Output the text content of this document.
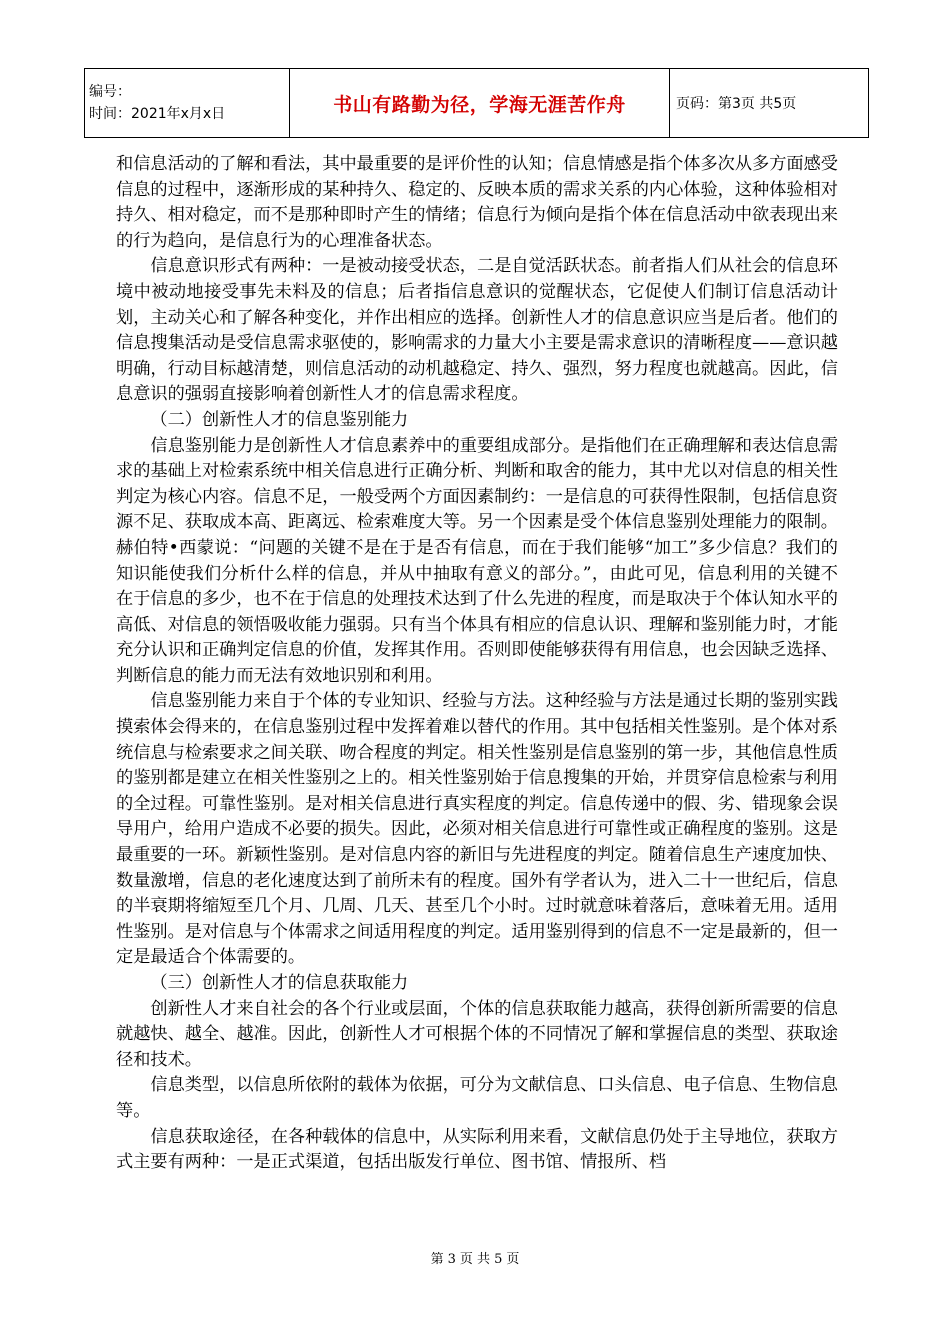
编号：
时间：2021年x月x日	书山有路勤为径，学海无涯苦作舟	页码：第3页 共5页

和信息活动的了解和看法，其中最重要的是评价性的认知；信息情感是指个体多次从多方面感受信息的过程中，逐渐形成的某种持久、稳定的、反映本质的需求关系的内心体验，这种体验相对持久、相对稳定，而不是那种即时产生的情绪；信息行为倾向是指个体在信息活动中欲表现出来的行为趋向，是信息行为的心理准备状态。

信息意识形式有两种：一是被动接受状态，二是自觉活跃状态。前者指人们从社会的信息环境中被动地接受事先未料及的信息；后者指信息意识的觉醒状态，它促使人们制订信息活动计划，主动关心和了解各种变化，并作出相应的选择。创新性人才的信息意识应当是后者。他们的信息搜集活动是受信息需求驱使的，影响需求的力量大小主要是需求意识的清晰程度——意识越明确，行动目标越清楚，则信息活动的动机越稳定、持久、强烈，努力程度也就越高。因此，信息意识的强弱直接影响着创新性人才的信息需求程度。

（二）创新性人才的信息鉴别能力

信息鉴别能力是创新性人才信息素养中的重要组成部分。是指他们在正确理解和表达信息需求的基础上对检索系统中相关信息进行正确分析、判断和取舍的能力，其中尤以对信息的相关性判定为核心内容。信息不足，一般受两个方面因素制约：一是信息的可获得性限制，包括信息资源不足、获取成本高、距离远、检索难度大等。另一个因素是受个体信息鉴别处理能力的限制。赫伯特•西蒙说：“问题的关键不是在于是否有信息，而在于我们能够“加工”多少信息？我们的知识能使我们分析什么样的信息，并从中抽取有意义的部分。”，由此可见，信息利用的关键不在于信息的多少，也不在于信息的处理技术达到了什么先进的程度，而是取决于个体认知水平的高低、对信息的领悟吸收能力强弱。只有当个体具有相应的信息认识、理解和鉴别能力时，才能充分认识和正确判定信息的价值，发挥其作用。否则即使能够获得有用信息，也会因缺乏选择、判断信息的能力而无法有效地识别和利用。

信息鉴别能力来自于个体的专业知识、经验与方法。这种经验与方法是通过长期的鉴别实践摸索体会得来的，在信息鉴别过程中发挥着难以替代的作用。其中包括相关性鉴别。是个体对系统信息与检索要求之间关联、吻合程度的判定。相关性鉴别是信息鉴别的第一步，其他信息性质的鉴别都是建立在相关性鉴别之上的。相关性鉴别始于信息搜集的开始，并贯穿信息检索与利用的全过程。可靠性鉴别。是对相关信息进行真实程度的判定。信息传递中的假、劣、错现象会误导用户，给用户造成不必要的损失。因此，必须对相关信息进行可靠性或正确程度的鉴别。这是最重要的一环。新颖性鉴别。是对信息内容的新旧与先进程度的判定。随着信息生产速度加快、数量激增，信息的老化速度达到了前所未有的程度。国外有学者认为，进入二十一世纪后，信息的半衰期将缩短至几个月、几周、几天、甚至几个小时。过时就意味着落后，意味着无用。适用性鉴别。是对信息与个体需求之间适用程度的判定。适用鉴别得到的信息不一定是最新的，但一定是最适合个体需要的。

（三）创新性人才的信息获取能力

创新性人才来自社会的各个行业或层面，个体的信息获取能力越高，获得创新所需要的信息就越快、越全、越准。因此，创新性人才可根据个体的不同情况了解和掌握信息的类型、获取途径和技术。

信息类型，以信息所依附的载体为依据，可分为文献信息、口头信息、电子信息、生物信息等。

信息获取途径，在各种载体的信息中，从实际利用来看，文献信息仍处于主导地位，获取方式主要有两种：一是正式渠道，包括出版发行单位、图书馆、情报所、档

第 3 页 共 5 页
